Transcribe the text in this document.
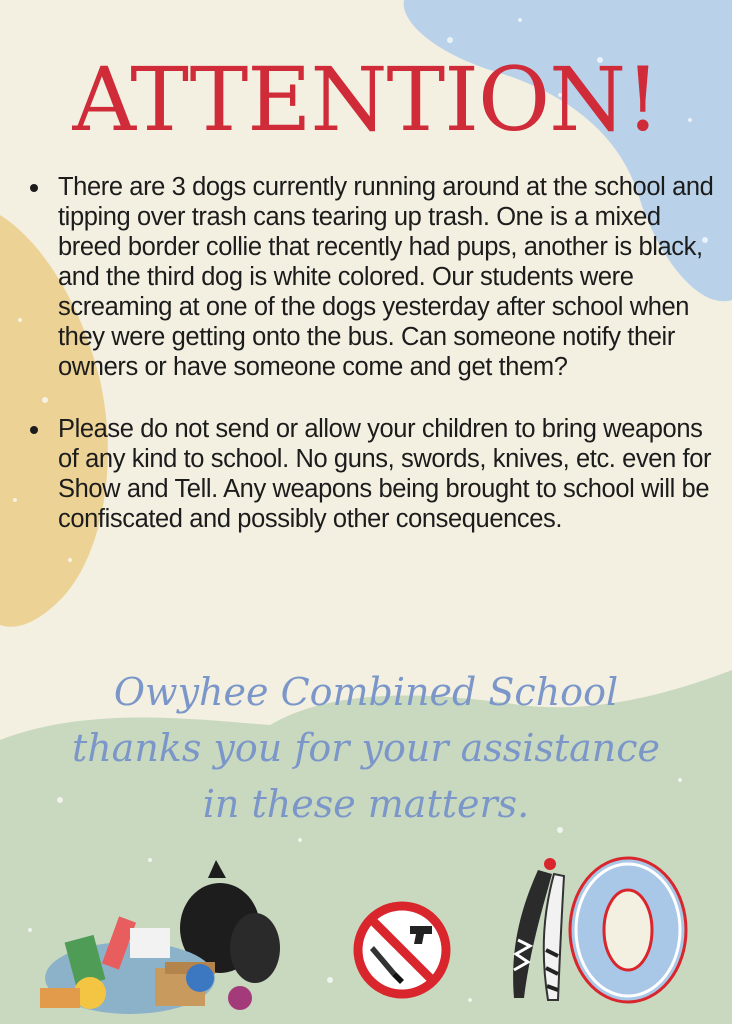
ATTENTION!
There are 3 dogs currently running around at the school and tipping over trash cans tearing up trash. One is a mixed breed border collie that recently had pups, another is black, and the third dog is white colored. Our students were screaming at one of the dogs yesterday after school when they were getting onto the bus. Can someone notify their owners or have someone come and get them?
Please do not send or allow your children to bring weapons of any kind to school. No guns, swords, knives, etc. even for Show and Tell. Any weapons being brought to school will be confiscated and possibly other consequences.

Owyhee Combined School
thanks you for your assistance
in these matters.

O
